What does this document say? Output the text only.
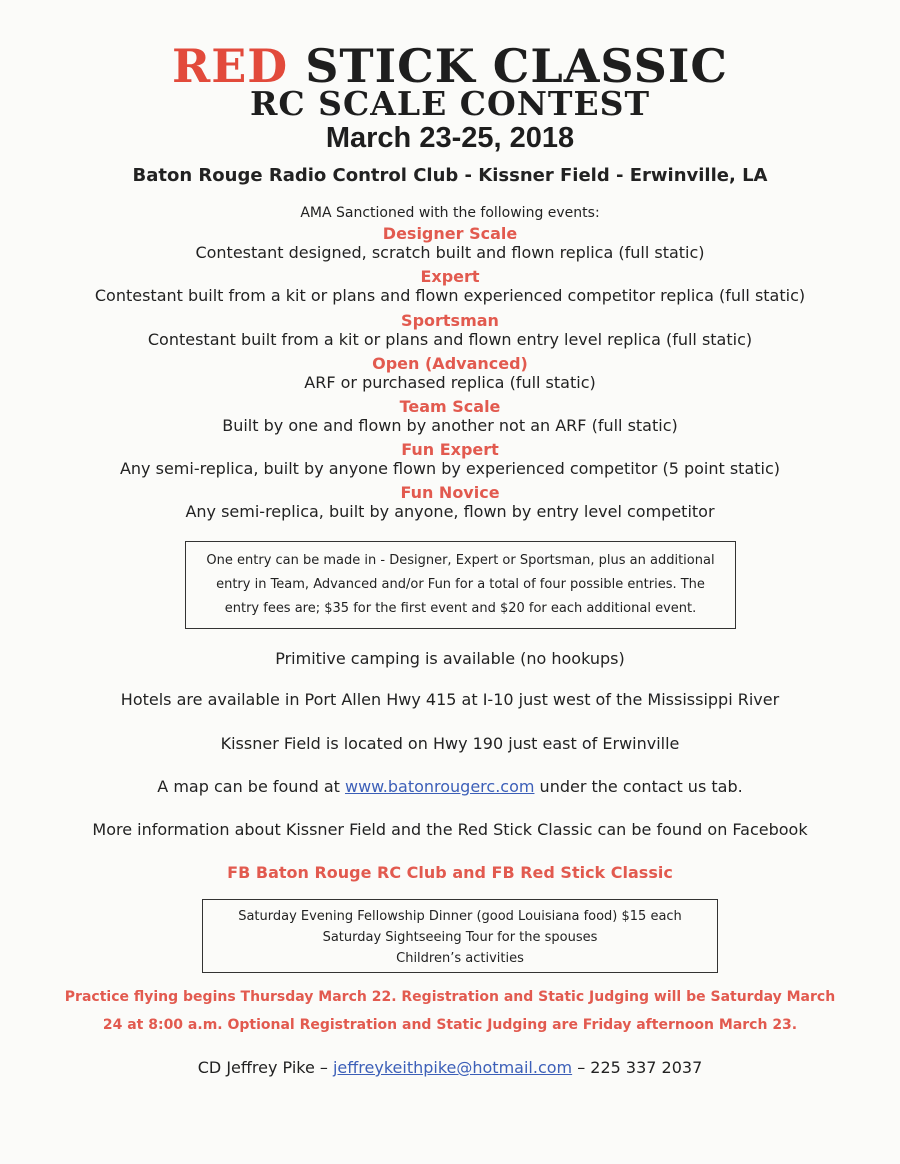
RED STICK CLASSIC
RC SCALE CONTEST
March 23-25, 2018
Baton Rouge Radio Control Club - Kissner Field - Erwinville, LA
AMA Sanctioned with the following events:
Designer Scale
Contestant designed, scratch built and flown replica (full static)
Expert
Contestant built from a kit or plans and flown experienced competitor replica (full static)
Sportsman
Contestant built from a kit or plans and flown entry level replica (full static)
Open (Advanced)
ARF or purchased replica (full static)
Team Scale
Built by one and flown by another not an ARF (full static)
Fun Expert
Any semi-replica, built by anyone flown by experienced competitor (5 point static)
Fun Novice
Any semi-replica, built by anyone, flown by entry level competitor

One entry can be made in - Designer, Expert or Sportsman, plus an additional

entry in Team, Advanced and/or Fun for a total of four possible entries. The

entry fees are; $35 for the first event and $20 for each additional event.

Primitive camping is available (no hookups)
Hotels are available in Port Allen Hwy 415 at I-10 just west of the Mississippi River
Kissner Field is located on Hwy 190 just east of Erwinville
A map can be found at www.batonrougerc.com under the contact us tab.
More information about Kissner Field and the Red Stick Classic can be found on Facebook
FB Baton Rouge RC Club and FB Red Stick Classic

Saturday Evening Fellowship Dinner (good Louisiana food) $15 each

Saturday Sightseeing Tour for the spouses

Children’s activities

Practice flying begins Thursday March 22. Registration and Static Judging will be Saturday March
24 at 8:00 a.m. Optional Registration and Static Judging are Friday afternoon March 23.
CD Jeffrey Pike – jeffreykeithpike@hotmail.com – 225 337 2037
